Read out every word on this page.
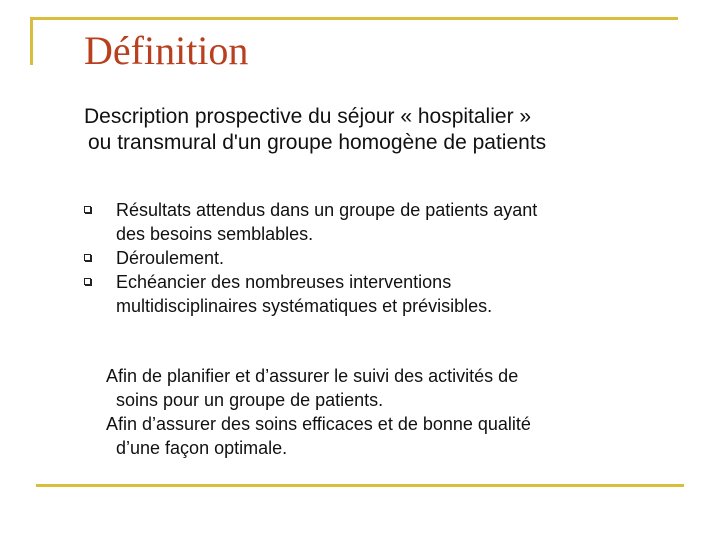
Définition

Description prospective du séjour « hospitalier »
ou transmural d'un groupe homogène de patients

Résultats attendus dans un groupe de patients ayant
des besoins semblables.
Déroulement.
Echéancier des nombreuses interventions
multidisciplinaires systématiques et prévisibles.

Afin de planifier et d’assurer le suivi des activités de
soins pour un groupe de patients.

Afin d’assurer des soins efficaces et de bonne qualité
d’une façon optimale.
